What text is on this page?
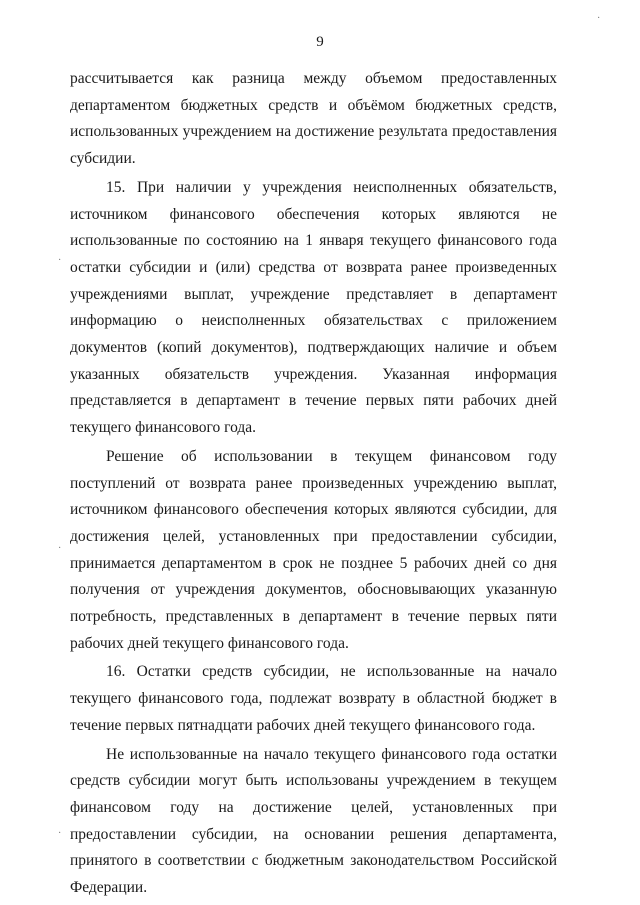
9

рассчитывается как разница между объемом предоставленных департаментом бюджетных средств и объёмом бюджетных средств, использованных учреждением на достижение результата предоставления субсидии.

15. При наличии у учреждения неисполненных обязательств, источником финансового обеспечения которых являются не использованные по состоянию на 1 января текущего финансового года остатки субсидии и (или) средства от возврата ранее произведенных учреждениями выплат, учреждение представляет в департамент информацию о неисполненных обязательствах с приложением документов (копий документов), подтверждающих наличие и объем указанных обязательств учреждения. Указанная информация представляется в департамент в течение первых пяти рабочих дней текущего финансового года.

Решение об использовании в текущем финансовом году поступлений от возврата ранее произведенных учреждению выплат, источником финансового обеспечения которых являются субсидии, для достижения целей, установленных при предоставлении субсидии, принимается департаментом в срок не позднее 5 рабочих дней со дня получения от учреждения документов, обосновывающих указанную потребность, представленных в департамент в течение первых пяти рабочих дней текущего финансового года.

16. Остатки средств субсидии, не использованные на начало текущего финансового года, подлежат возврату в областной бюджет в течение первых пятнадцати рабочих дней текущего финансового года.

Не использованные на начало текущего финансового года остатки средств субсидии могут быть использованы учреждением в текущем финансовом году на достижение целей, установленных при предоставлении субсидии, на основании решения департамента, принятого в соответствии с бюджетным законодательством Российской Федерации.

·
·
·
·
